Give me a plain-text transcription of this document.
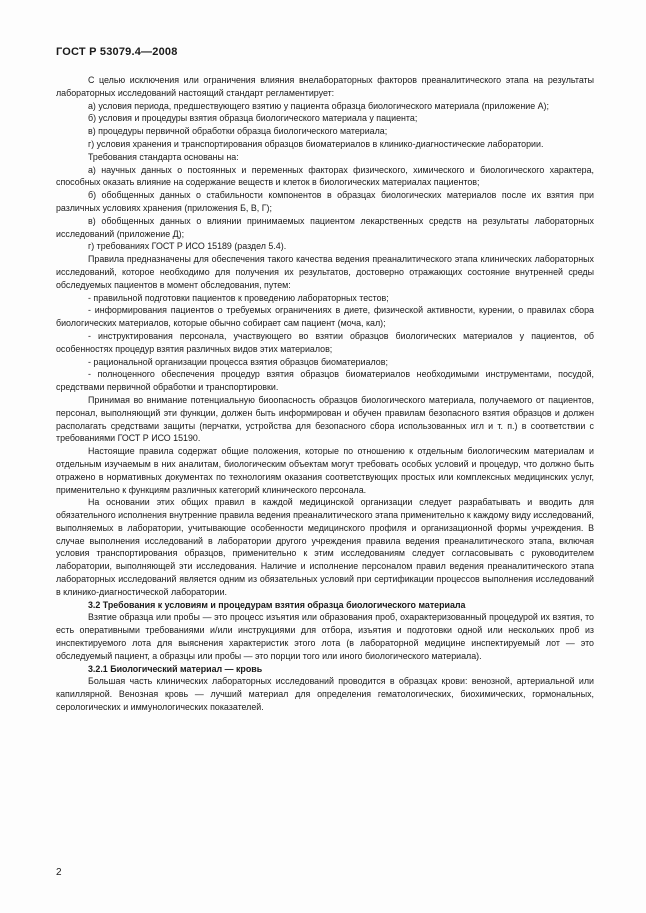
ГОСТ Р 53079.4—2008

С целью исключения или ограничения влияния внелабораторных факторов преаналитического этапа на результаты лабораторных исследований настоящий стандарт регламентирует:

а) условия периода, предшествующего взятию у пациента образца биологического материала (приложение А);

б) условия и процедуры взятия образца биологического материала у пациента;

в) процедуры первичной обработки образца биологического материала;

г) условия хранения и транспортирования образцов биоматериалов в клинико-диагностические лаборатории.

Требования стандарта основаны на:

а) научных данных о постоянных и переменных факторах физического, химического и биологического характера, способных оказать влияние на содержание веществ и клеток в биологических материалах пациентов;

б) обобщенных данных о стабильности компонентов в образцах биологических материалов после их взятия при различных условиях хранения (приложения Б, В, Г);

в) обобщенных данных о влиянии принимаемых пациентом лекарственных средств на результаты лабораторных исследований (приложение Д);

г) требованиях ГОСТ Р ИСО 15189 (раздел 5.4).

Правила предназначены для обеспечения такого качества ведения преаналитического этапа клинических лабораторных исследований, которое необходимо для получения их результатов, достоверно отражающих состояние внутренней среды обследуемых пациентов в момент обследования, путем:

- правильной подготовки пациентов к проведению лабораторных тестов;

- информирования пациентов о требуемых ограничениях в диете, физической активности, курении, о правилах сбора биологических материалов, которые обычно собирает сам пациент (моча, кал);

- инструктирования персонала, участвующего во взятии образцов биологических материалов у пациентов, об особенностях процедур взятия различных видов этих материалов;

- рациональной организации процесса взятия образцов биоматериалов;

- полноценного обеспечения процедур взятия образцов биоматериалов необходимыми инструментами, посудой, средствами первичной обработки и транспортировки.

Принимая во внимание потенциальную биоопасность образцов биологического материала, получаемого от пациентов, персонал, выполняющий эти функции, должен быть информирован и обучен правилам безопасного взятия образцов и должен располагать средствами защиты (перчатки, устройства для безопасного сбора использованных игл и т. п.) в соответствии с требованиями ГОСТ Р ИСО 15190.

Настоящие правила содержат общие положения, которые по отношению к отдельным биологическим материалам и отдельным изучаемым в них аналитам, биологическим объектам могут требовать особых условий и процедур, что должно быть отражено в нормативных документах по технологиям оказания соответствующих простых или комплексных медицинских услуг, применительно к функциям различных категорий клинического персонала.

На основании этих общих правил в каждой медицинской организации следует разрабатывать и вводить для обязательного исполнения внутренние правила ведения преаналитического этапа применительно к каждому виду исследований, выполняемых в лаборатории, учитывающие особенности медицинского профиля и организационной формы учреждения. В случае выполнения исследований в лаборатории другого учреждения правила ведения преаналитического этапа, включая условия транспортирования образцов, применительно к этим исследованиям следует согласовывать с руководителем лаборатории, выполняющей эти исследования. Наличие и исполнение персоналом правил ведения преаналитического этапа лабораторных исследований является одним из обязательных условий при сертификации процессов выполнения исследований в клинико-диагностической лаборатории.

3.2 Требования к условиям и процедурам взятия образца биологического материала

Взятие образца или пробы — это процесс изъятия или образования проб, охарактеризованный процедурой их взятия, то есть оперативными требованиями и/или инструкциями для отбора, изъятия и подготовки одной или нескольких проб из инспектируемого лота для выяснения характеристик этого лота (в лабораторной медицине инспектируемый лот — это обследуемый пациент, а образцы или пробы — это порции того или иного биологического материала).

3.2.1 Биологический материал — кровь

Большая часть клинических лабораторных исследований проводится в образцах крови: венозной, артериальной или капиллярной. Венозная кровь — лучший материал для определения гематологических, биохимических, гормональных, серологических и иммунологических показателей.

2
